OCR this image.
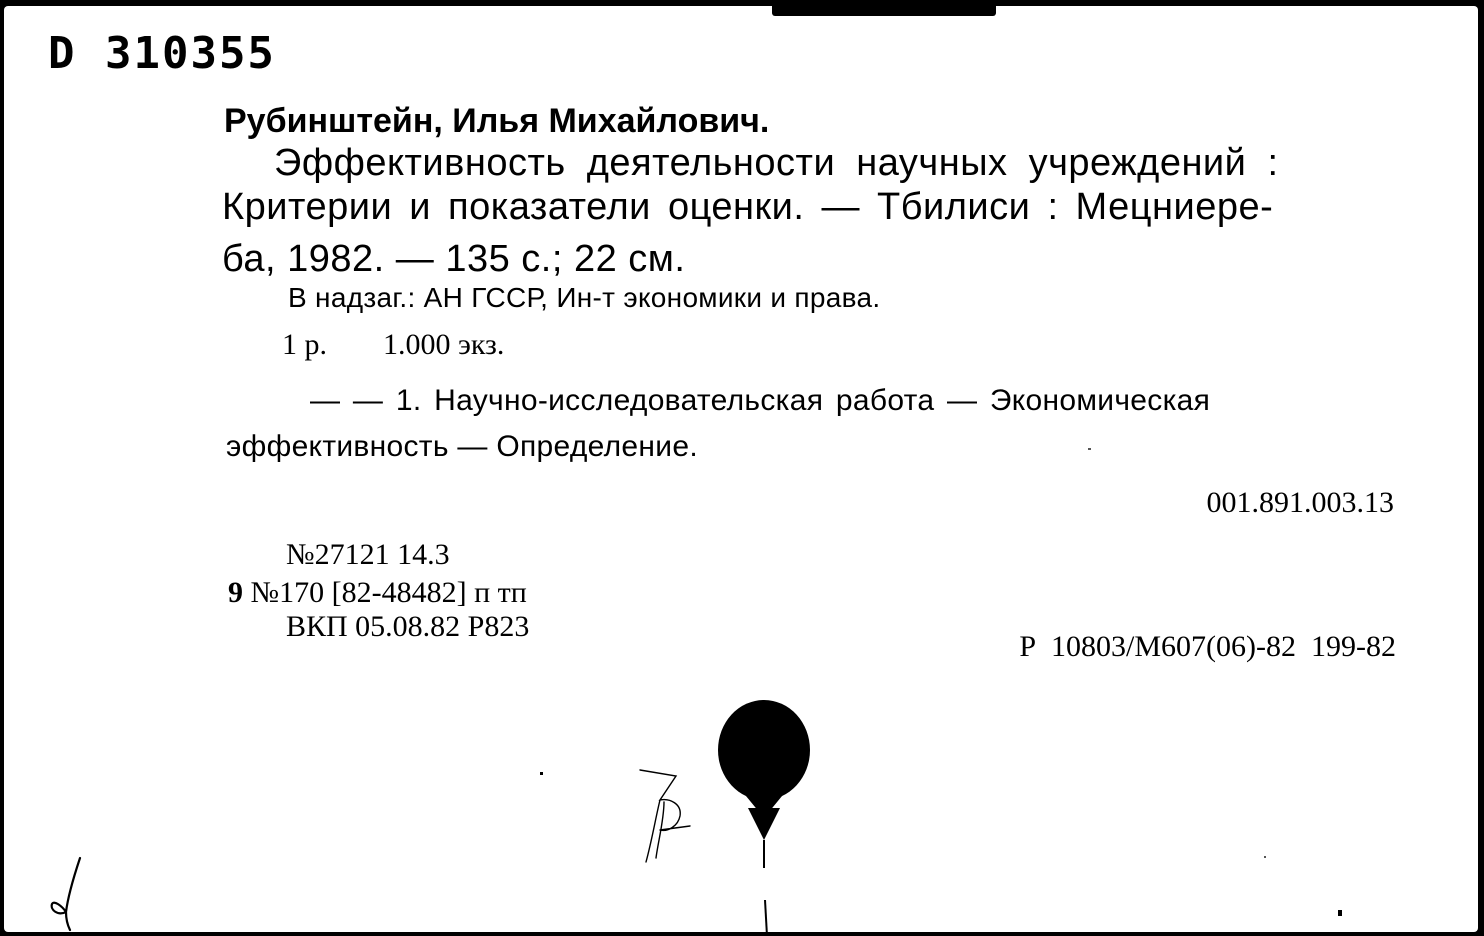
D 310355
Рубинштейн, Илья Михайлович.
Эффективность деятельности научных учреждений :
Критерии и показатели оценки. — Тбилиси : Мецниере-
ба, 1982. — 135 с.; 22 см.
В надзаг.: АН ГССР, Ин-т экономики и права.
1 р. 1.000 экз.
— — 1. Научно-исследовательская работа — Экономическая
эффективность — Определение.
001.891.003.13
№27121 14.3
9 №170 [82-48482] п тп
ВКП 05.08.82 Р823
Р  10803/М607(06)-82  199-82
